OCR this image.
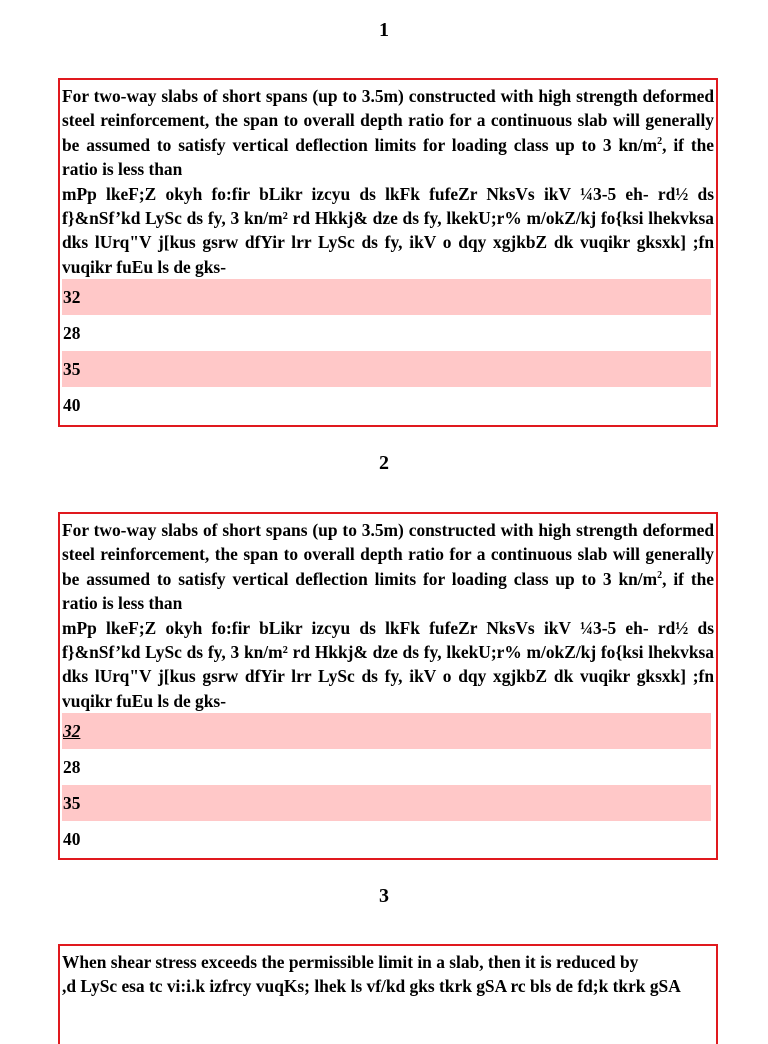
1

For two-way slabs of short spans (up to 3.5m) constructed with high strength deformed steel reinforcement, the span to overall depth ratio for a continuous slab will generally be assumed to satisfy vertical deflection limits for loading class up to 3 $kn/m^2$, if the ratio is less than

mPp lkeF;Z okyh fo:fir bLikr izcyu ds lkFk fufeZr NksVs ikV ¼3-5 eh- rd½ ds f}&nSf’kd LySc ds fy, 3 kn/m² rd Hkkj& dze ds fy, lkekU;r% m/okZ/kj fo{ksi lhekvksa dks lUrq"V j[kus gsrw dfYir lrr LySc ds fy, ikV o dqy xgjkbZ dk vuqikr gksxk] ;fn vuqikr fuEu ls de gks-

32
28
35
40
2

For two-way slabs of short spans (up to 3.5m) constructed with high strength deformed steel reinforcement, the span to overall depth ratio for a continuous slab will generally be assumed to satisfy vertical deflection limits for loading class up to 3 $kn/m^2$, if the ratio is less than

mPp lkeF;Z okyh fo:fir bLikr izcyu ds lkFk fufeZr NksVs ikV ¼3-5 eh- rd½ ds f}&nSf’kd LySc ds fy, 3 kn/m² rd Hkkj& dze ds fy, lkekU;r% m/okZ/kj fo{ksi lhekvksa dks lUrq"V j[kus gsrw dfYir lrr LySc ds fy, ikV o dqy xgjkbZ dk vuqikr gksxk] ;fn vuqikr fuEu ls de gks-

32
28
35
40
3

When shear stress exceeds the permissible limit in a slab, then it is reduced by

,d LySc esa tc vi:i.k izfrcy vuqKs; lhek ls vf/kd gks tkrk gSA rc bls de fd;k tkrk gSA
